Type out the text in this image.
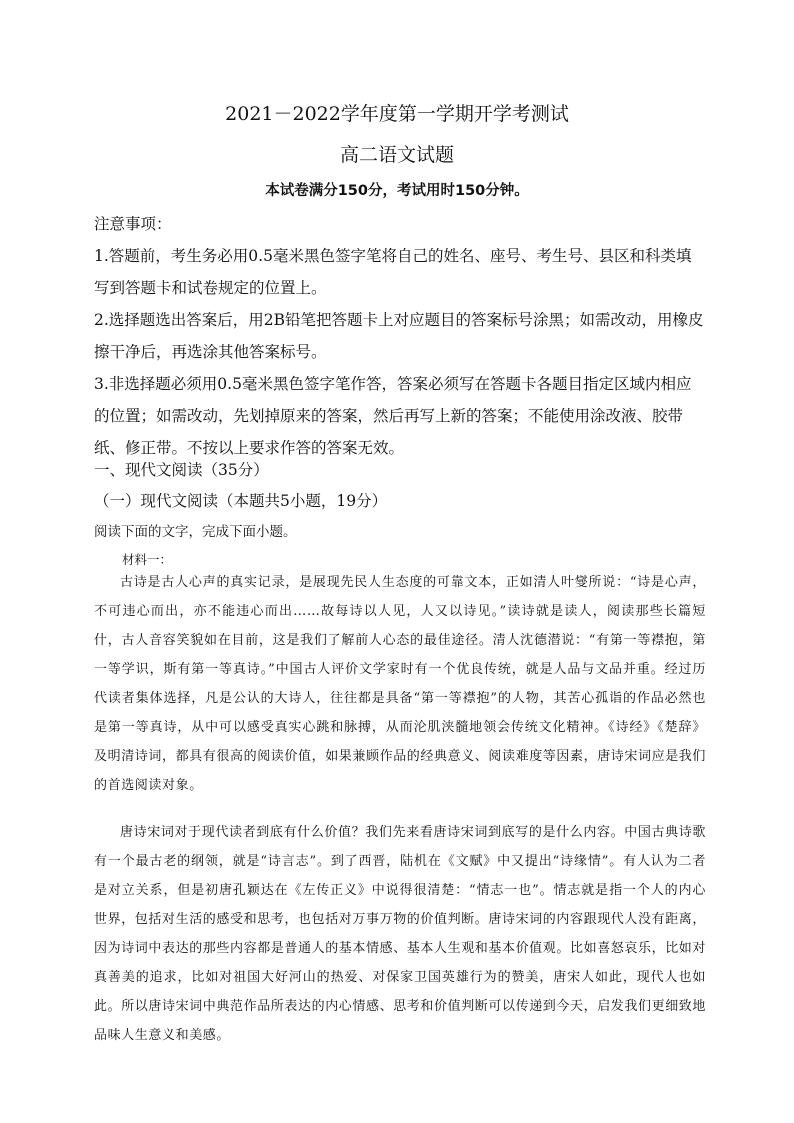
2021－2022学年度第一学期开学考测试
高二语文试题
本试卷满分150分，考试用时150分钟。

注意事项：

1.答题前，考生务必用0.5毫米黑色签字笔将自己的姓名、座号、考生号、县区和科类填写到答题卡和试卷规定的位置上。

2.选择题选出答案后，用2B铅笔把答题卡上对应题目的答案标号涂黑；如需改动，用橡皮擦干净后，再选涂其他答案标号。

3.非选择题必须用0.5毫米黑色签字笔作答，答案必须写在答题卡各题目指定区域内相应的位置；如需改动，先划掉原来的答案，然后再写上新的答案；不能使用涂改液、胶带纸、修正带。不按以上要求作答的答案无效。

一、现代文阅读（35分）
（一）现代文阅读（本题共5小题，19分）
阅读下面的文字，完成下面小题。
材料一：

古诗是古人心声的真实记录，是展现先民人生态度的可靠文本，正如清人叶燮所说：“诗是心声，不可违心而出，亦不能违心而出……故每诗以人见，人又以诗见。”读诗就是读人，阅读那些长篇短什，古人音容笑貌如在目前，这是我们了解前人心态的最佳途径。清人沈德潜说：“有第一等襟抱，第一等学识，斯有第一等真诗。”中国古人评价文学家时有一个优良传统，就是人品与文品并重。经过历代读者集体选择，凡是公认的大诗人，往往都是具备“第一等襟抱”的人物，其苦心孤诣的作品必然也是第一等真诗，从中可以感受真实心跳和脉搏，从而沦肌浃髓地领会传统文化精神。《诗经》《楚辞》及明清诗词，都具有很高的阅读价值，如果兼顾作品的经典意义、阅读难度等因素，唐诗宋词应是我们的首选阅读对象。

唐诗宋词对于现代读者到底有什么价值？我们先来看唐诗宋词到底写的是什么内容。中国古典诗歌有一个最古老的纲领，就是“诗言志”。到了西晋，陆机在《文赋》中又提出“诗缘情”。有人认为二者是对立关系，但是初唐孔颖达在《左传正义》中说得很清楚：“情志一也”。情志就是指一个人的内心世界，包括对生活的感受和思考，也包括对万事万物的价值判断。唐诗宋词的内容跟现代人没有距离，因为诗词中表达的那些内容都是普通人的基本情感、基本人生观和基本价值观。比如喜怒哀乐，比如对真善美的追求，比如对祖国大好河山的热爱、对保家卫国英雄行为的赞美，唐宋人如此，现代人也如此。所以唐诗宋词中典范作品所表达的内心情感、思考和价值判断可以传递到今天，启发我们更细致地品味人生意义和美感。
